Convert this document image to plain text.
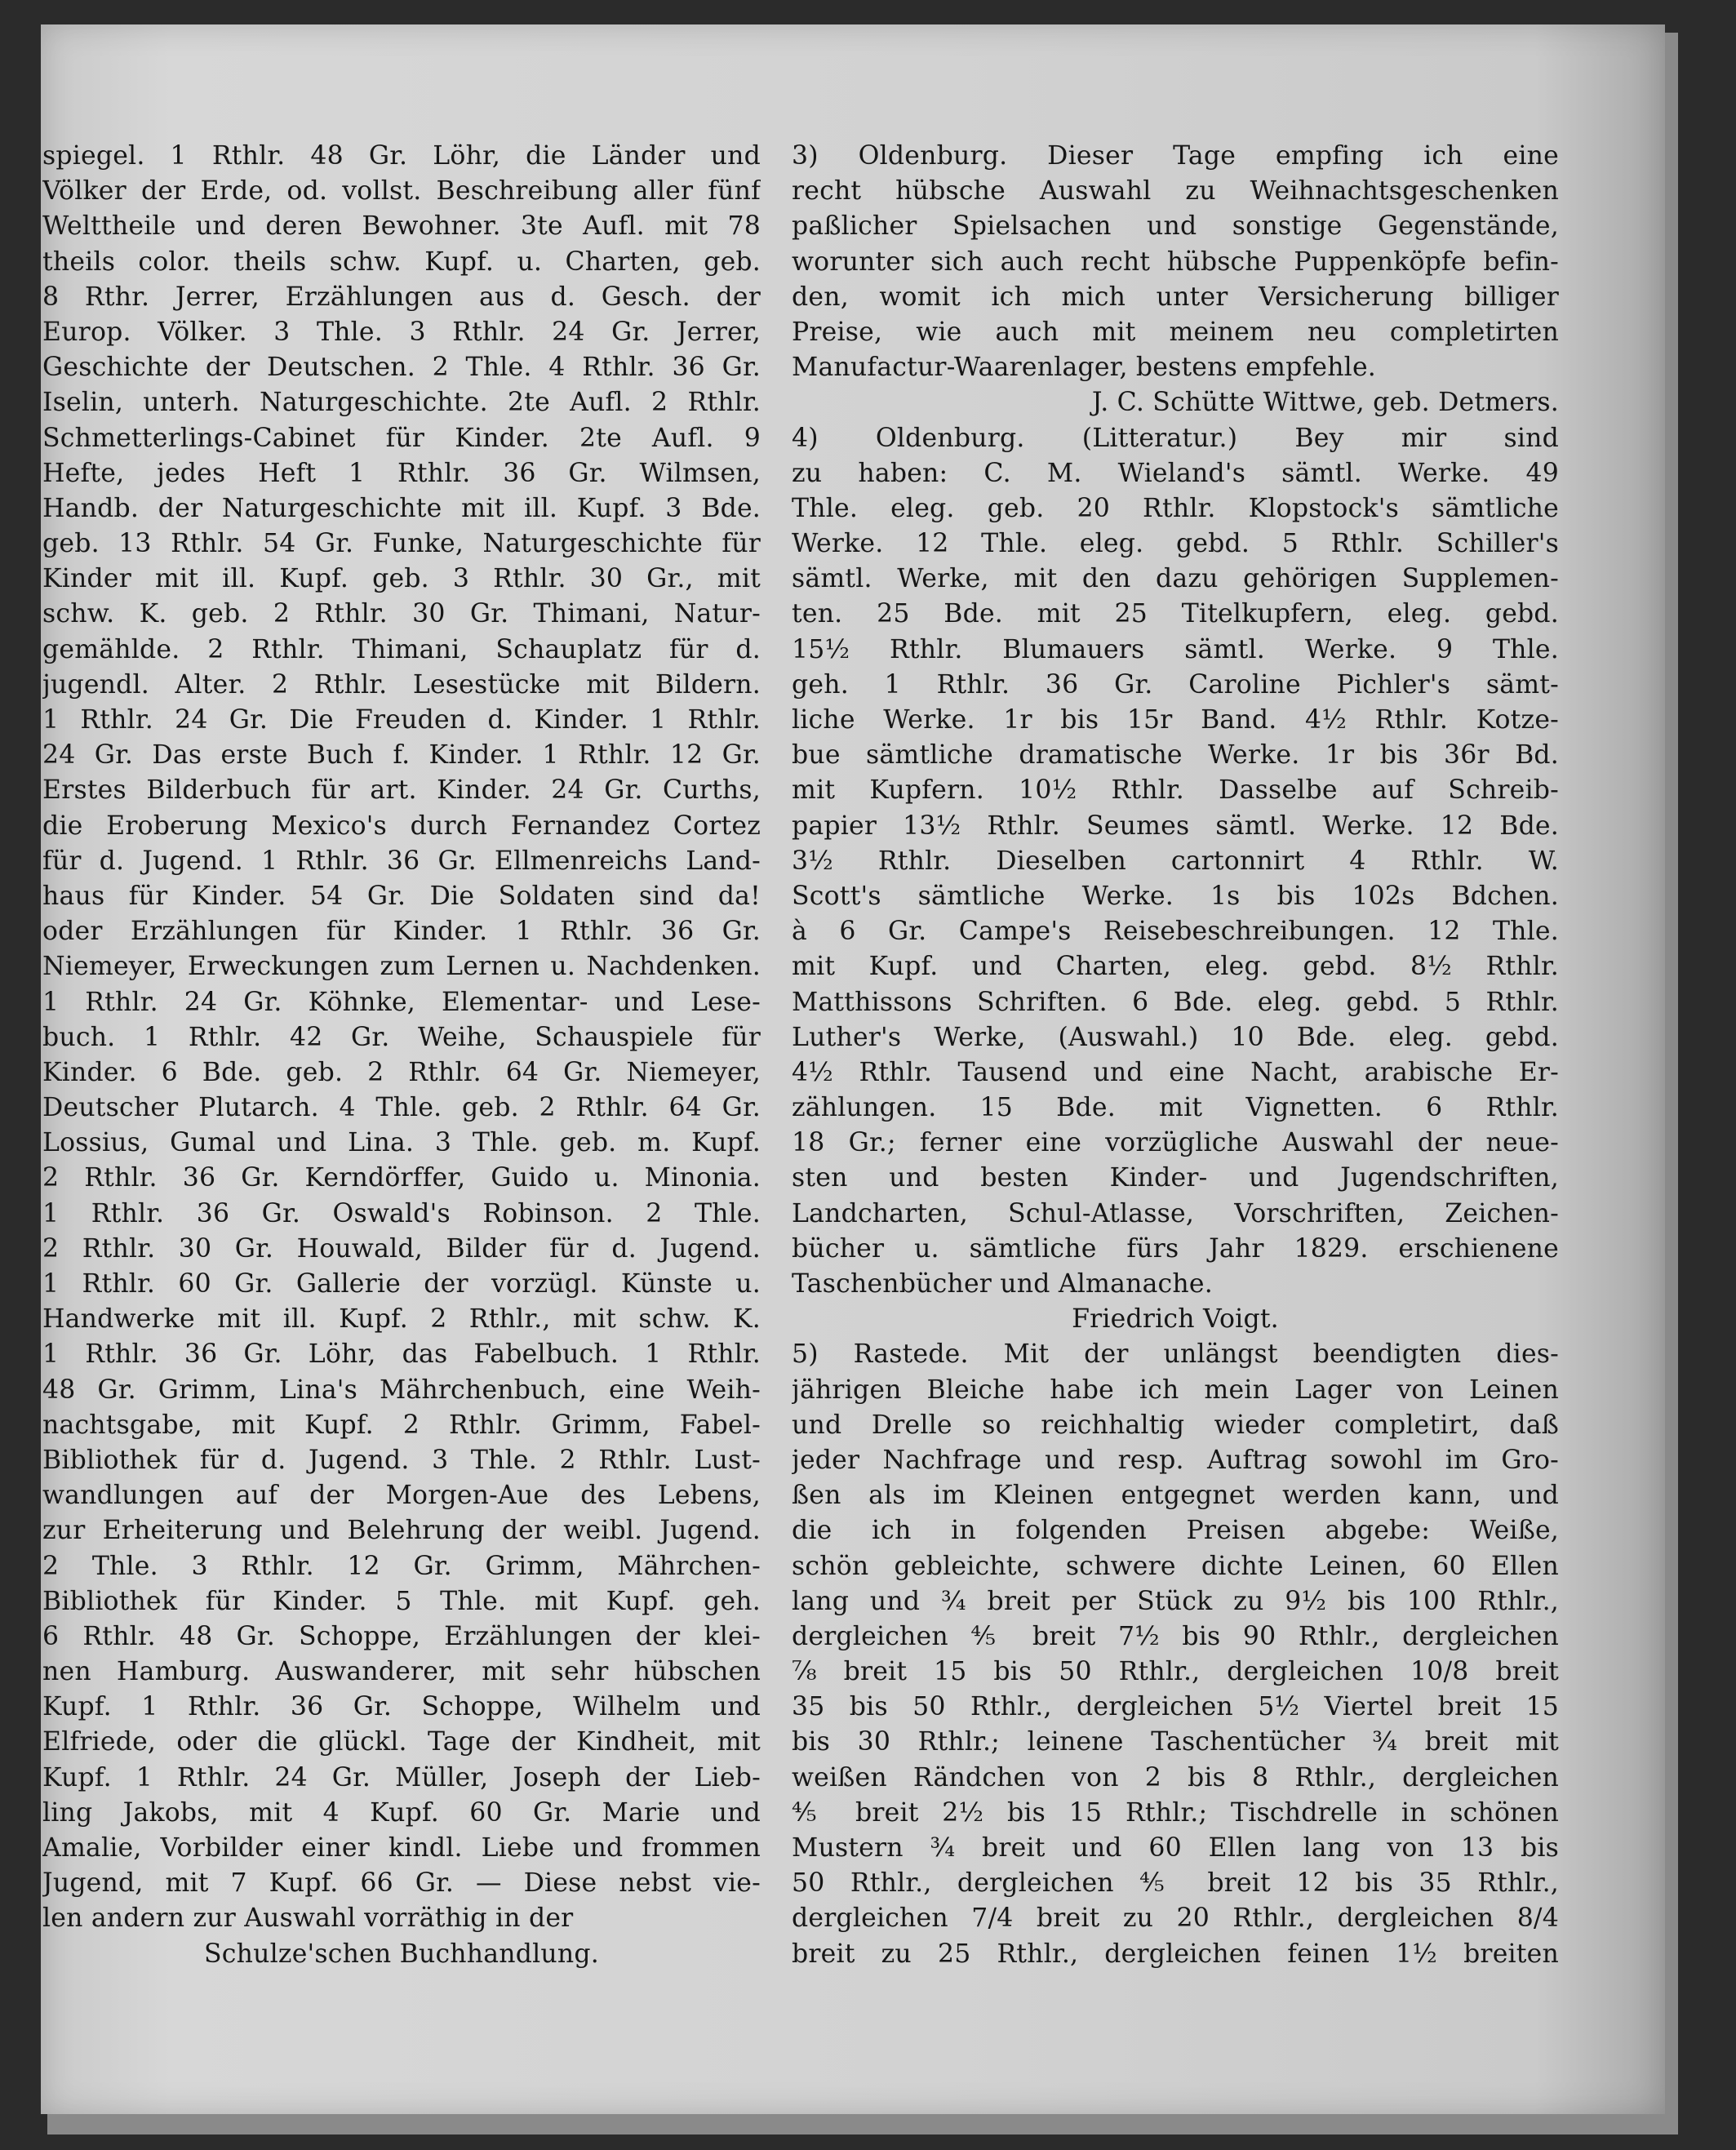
spiegel. 1 Rthlr. 48 Gr. Löhr, die Länder und
Völker der Erde, od. vollst. Beschreibung aller fünf
Welttheile und deren Bewohner. 3te Aufl. mit 78
theils color. theils schw. Kupf. u. Charten, geb.
8 Rthr. Jerrer, Erzählungen aus d. Gesch. der
Europ. Völker. 3 Thle. 3 Rthlr. 24 Gr. Jerrer,
Geschichte der Deutschen. 2 Thle. 4 Rthlr. 36 Gr.
Iselin, unterh. Naturgeschichte. 2te Aufl. 2 Rthlr.
Schmetterlings-Cabinet für Kinder. 2te Aufl. 9
Hefte, jedes Heft 1 Rthlr. 36 Gr. Wilmsen,
Handb. der Naturgeschichte mit ill. Kupf. 3 Bde.
geb. 13 Rthlr. 54 Gr. Funke, Naturgeschichte für
Kinder mit ill. Kupf. geb. 3 Rthlr. 30 Gr., mit
schw. K. geb. 2 Rthlr. 30 Gr. Thimani, Natur-
gemählde. 2 Rthlr. Thimani, Schauplatz für d.
jugendl. Alter. 2 Rthlr. Lesestücke mit Bildern.
1 Rthlr. 24 Gr. Die Freuden d. Kinder. 1 Rthlr.
24 Gr. Das erste Buch f. Kinder. 1 Rthlr. 12 Gr.
Erstes Bilderbuch für art. Kinder. 24 Gr. Curths,
die Eroberung Mexico's durch Fernandez Cortez
für d. Jugend. 1 Rthlr. 36 Gr. Ellmenreichs Land-
haus für Kinder. 54 Gr. Die Soldaten sind da!
oder Erzählungen für Kinder. 1 Rthlr. 36 Gr.
Niemeyer, Erweckungen zum Lernen u. Nachdenken.
1 Rthlr. 24 Gr. Köhnke, Elementar- und Lese-
buch. 1 Rthlr. 42 Gr. Weihe, Schauspiele für
Kinder. 6 Bde. geb. 2 Rthlr. 64 Gr. Niemeyer,
Deutscher Plutarch. 4 Thle. geb. 2 Rthlr. 64 Gr.
Lossius, Gumal und Lina. 3 Thle. geb. m. Kupf.
2 Rthlr. 36 Gr. Kerndörffer, Guido u. Minonia.
1 Rthlr. 36 Gr. Oswald's Robinson. 2 Thle.
2 Rthlr. 30 Gr. Houwald, Bilder für d. Jugend.
1 Rthlr. 60 Gr. Gallerie der vorzügl. Künste u.
Handwerke mit ill. Kupf. 2 Rthlr., mit schw. K.
1 Rthlr. 36 Gr. Löhr, das Fabelbuch. 1 Rthlr.
48 Gr. Grimm, Lina's Mährchenbuch, eine Weih-
nachtsgabe, mit Kupf. 2 Rthlr. Grimm, Fabel-
Bibliothek für d. Jugend. 3 Thle. 2 Rthlr. Lust-
wandlungen auf der Morgen-Aue des Lebens,
zur Erheiterung und Belehrung der weibl. Jugend.
2 Thle. 3 Rthlr. 12 Gr. Grimm, Mährchen-
Bibliothek für Kinder. 5 Thle. mit Kupf. geh.
6 Rthlr. 48 Gr. Schoppe, Erzählungen der klei-
nen Hamburg. Auswanderer, mit sehr hübschen
Kupf. 1 Rthlr. 36 Gr. Schoppe, Wilhelm und
Elfriede, oder die glückl. Tage der Kindheit, mit
Kupf. 1 Rthlr. 24 Gr. Müller, Joseph der Lieb-
ling Jakobs, mit 4 Kupf. 60 Gr. Marie und
Amalie, Vorbilder einer kindl. Liebe und frommen
Jugend, mit 7 Kupf. 66 Gr. — Diese nebst vie-
len andern zur Auswahl vorräthig in der
Schulze'schen Buchhandlung.
3) Oldenburg. Dieser Tage empfing ich eine
recht hübsche Auswahl zu Weihnachtsgeschenken
paßlicher Spielsachen und sonstige Gegenstände,
worunter sich auch recht hübsche Puppenköpfe befin-
den, womit ich mich unter Versicherung billiger
Preise, wie auch mit meinem neu completirten
Manufactur-Waarenlager, bestens empfehle.
J. C. Schütte Wittwe, geb. Detmers.
4) Oldenburg. (Litteratur.) Bey mir sind
zu haben: C. M. Wieland's sämtl. Werke. 49
Thle. eleg. geb. 20 Rthlr. Klopstock's sämtliche
Werke. 12 Thle. eleg. gebd. 5 Rthlr. Schiller's
sämtl. Werke, mit den dazu gehörigen Supplemen-
ten. 25 Bde. mit 25 Titelkupfern, eleg. gebd.
15½ Rthlr. Blumauers sämtl. Werke. 9 Thle.
geh. 1 Rthlr. 36 Gr. Caroline Pichler's sämt-
liche Werke. 1r bis 15r Band. 4½ Rthlr. Kotze-
bue sämtliche dramatische Werke. 1r bis 36r Bd.
mit Kupfern. 10½ Rthlr. Dasselbe auf Schreib-
papier 13½ Rthlr. Seumes sämtl. Werke. 12 Bde.
3½ Rthlr. Dieselben cartonnirt 4 Rthlr. W.
Scott's sämtliche Werke. 1s bis 102s Bdchen.
à 6 Gr. Campe's Reisebeschreibungen. 12 Thle.
mit Kupf. und Charten, eleg. gebd. 8½ Rthlr.
Matthissons Schriften. 6 Bde. eleg. gebd. 5 Rthlr.
Luther's Werke, (Auswahl.) 10 Bde. eleg. gebd.
4½ Rthlr. Tausend und eine Nacht, arabische Er-
zählungen. 15 Bde. mit Vignetten. 6 Rthlr.
18 Gr.; ferner eine vorzügliche Auswahl der neue-
sten und besten Kinder- und Jugendschriften,
Landcharten, Schul-Atlasse, Vorschriften, Zeichen-
bücher u. sämtliche fürs Jahr 1829. erschienene
Taschenbücher und Almanache.
Friedrich Voigt.
5) Rastede. Mit der unlängst beendigten dies-
jährigen Bleiche habe ich mein Lager von Leinen
und Drelle so reichhaltig wieder completirt, daß
jeder Nachfrage und resp. Auftrag sowohl im Gro-
ßen als im Kleinen entgegnet werden kann, und
die ich in folgenden Preisen abgebe: Weiße,
schön gebleichte, schwere dichte Leinen, 60 Ellen
lang und ¾ breit per Stück zu 9½ bis 100 Rthlr.,
dergleichen ⅘ breit 7½ bis 90 Rthlr., dergleichen
⅞ breit 15 bis 50 Rthlr., dergleichen 10/8 breit
35 bis 50 Rthlr., dergleichen 5½ Viertel breit 15
bis 30 Rthlr.; leinene Taschentücher ¾ breit mit
weißen Rändchen von 2 bis 8 Rthlr., dergleichen
⅘ breit 2½ bis 15 Rthlr.; Tischdrelle in schönen
Mustern ¾ breit und 60 Ellen lang von 13 bis
50 Rthlr., dergleichen ⅘ breit 12 bis 35 Rthlr.,
dergleichen 7/4 breit zu 20 Rthlr., dergleichen 8/4
breit zu 25 Rthlr., dergleichen feinen 1½ breiten
